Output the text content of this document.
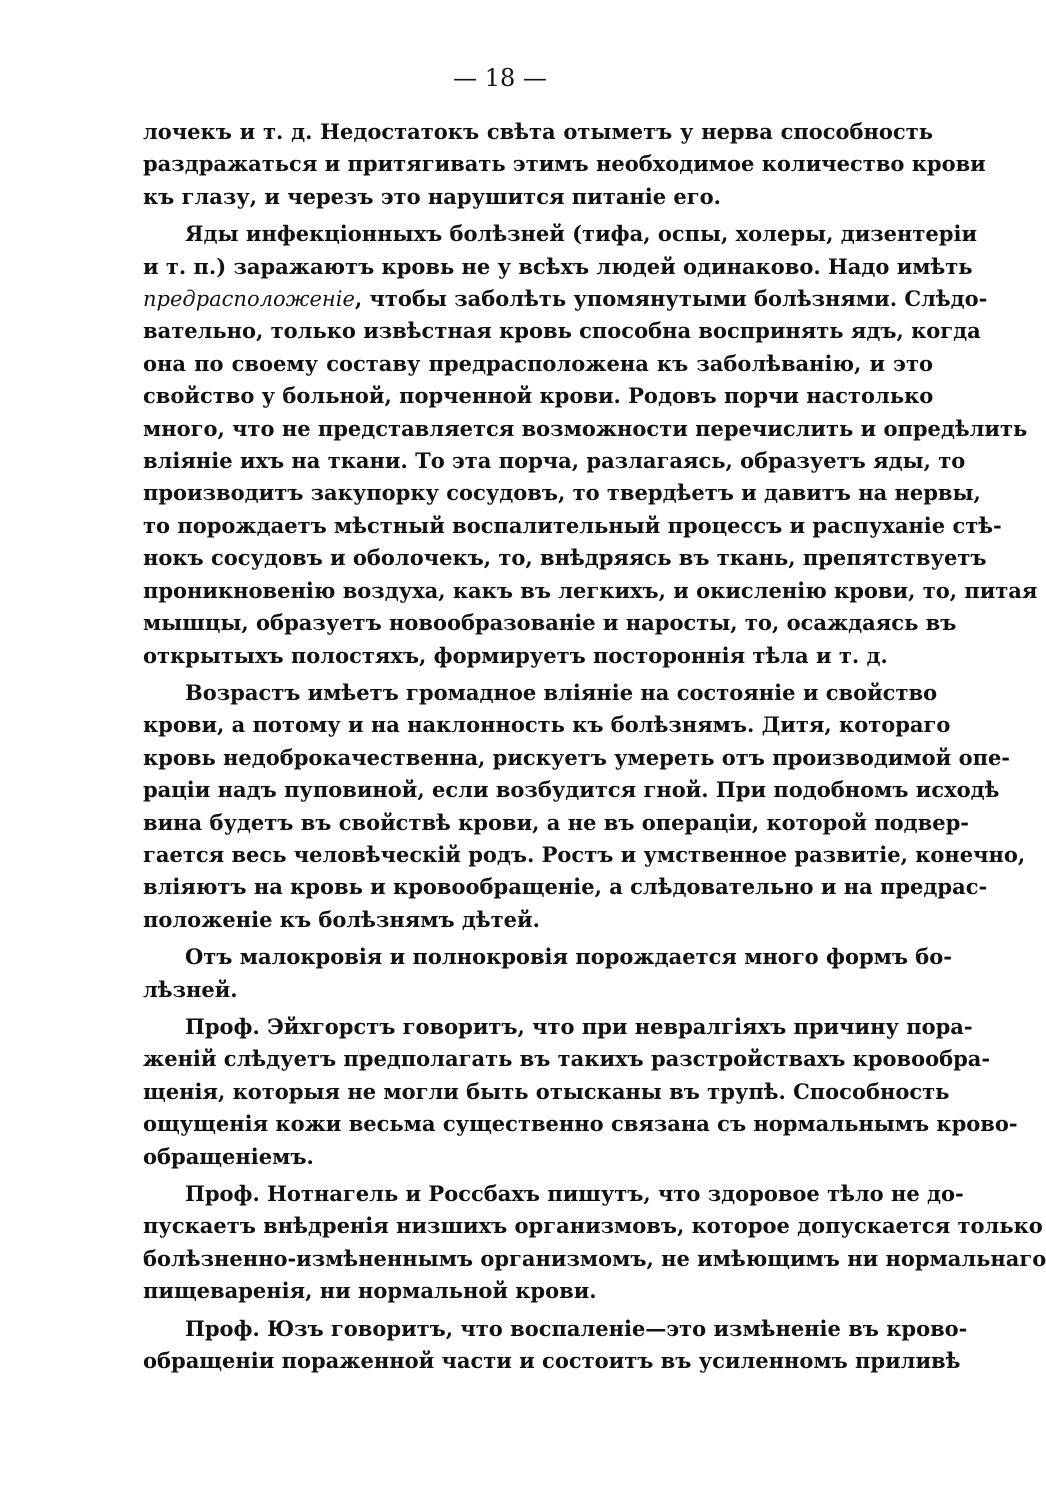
— 18 —
лочекъ и т. д. Недостатокъ свѣта отыметъ у нерва способность
раздражаться и притягивать этимъ необходимое количество крови
къ глазу, и черезъ это нарушится питаніе его.
Яды инфекціонныхъ болѣзней (тифа, оспы, холеры, дизентеріи
и т. п.) заражаютъ кровь не у всѣхъ людей одинаково. Надо имѣть
предрасположеніе, чтобы заболѣть упомянутыми болѣзнями. Слѣдо-
вательно, только извѣстная кровь способна воспринять ядъ, когда
она по своему составу предрасположена къ заболѣванію, и это
свойство у больной, порченной крови. Родовъ порчи настолько
много, что не представляется возможности перечислить и опредѣлить
вліяніе ихъ на ткани. То эта порча, разлагаясь, образуетъ яды, то
производитъ закупорку сосудовъ, то твердѣетъ и давитъ на нервы,
то порождаетъ мѣстный воспалительный процессъ и распуханіе стѣ-
нокъ сосудовъ и оболочекъ, то, внѣдряясь въ ткань, препятствуетъ
проникновенію воздуха, какъ въ легкихъ, и окисленію крови, то, питая
мышцы, образуетъ новообразованіе и наросты, то, осаждаясь въ
открытыхъ полостяхъ, формируетъ постороннія тѣла и т. д.
Возрастъ имѣетъ громадное вліяніе на состояніе и свойство
крови, а потому и на наклонность къ болѣзнямъ. Дитя, котораго
кровь недоброкачественна, рискуетъ умереть отъ производимой опе-
раціи надъ пуповиной, если возбудится гной. При подобномъ исходѣ
вина будетъ въ свойствѣ крови, а не въ операціи, которой подвер-
гается весь человѣческій родъ. Ростъ и умственное развитіе, конечно,
вліяютъ на кровь и кровообращеніе, а слѣдовательно и на предрас-
положеніе къ болѣзнямъ дѣтей.
Отъ малокровія и полнокровія порождается много формъ бо-
лѣзней.
Проф. Эйхгорстъ говоритъ, что при невралгіяхъ причину пора-
женій слѣдуетъ предполагать въ такихъ разстройствахъ кровообра-
щенія, которыя не могли быть отысканы въ трупѣ. Способность
ощущенія кожи весьма существенно связана съ нормальнымъ крово-
обращеніемъ.
Проф. Нотнагель и Россбахъ пишутъ, что здоровое тѣло не до-
пускаетъ внѣдренія низшихъ организмовъ, которое допускается только
болѣзненно-измѣненнымъ организмомъ, не имѣющимъ ни нормальнаго
пищеваренія, ни нормальной крови.
Проф. Юзъ говоритъ, что воспаленіе—это измѣненіе въ крово-
обращеніи пораженной части и состоитъ въ усиленномъ приливѣ
